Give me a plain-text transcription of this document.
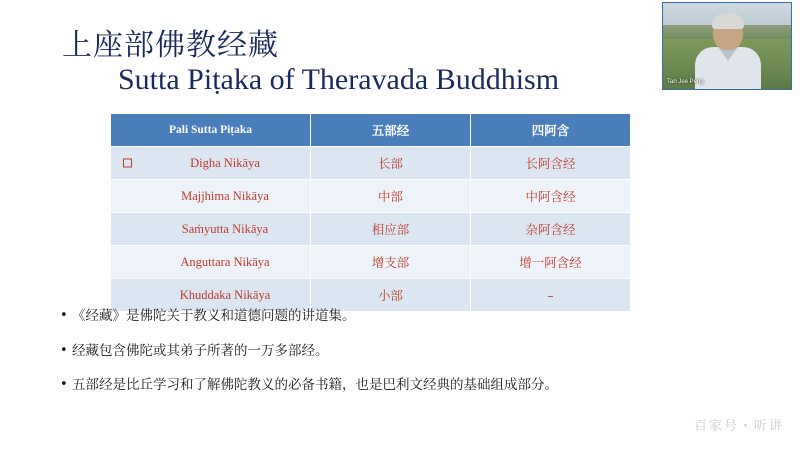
上座部佛教经藏
Sutta Piṭaka of Theravada Buddhism
Pali Sutta Piṭaka	五部经	四阿含

Digha Nikāya	长部	长阿含经
Majjhima Nikāya	中部	中阿含经
Saṁyutta Nikāya	相应部	杂阿含经
Anguttara Nikāya	增支部	增一阿含经
Khuddaka Nikāya	小部	–
• 《经藏》是佛陀关于教义和道德问题的讲道集。
• 经藏包含佛陀或其弟子所著的一万多部经。
• 五部经是比丘学习和了解佛陀教义的必备书籍，也是巴利文经典的基础组成部分。
Tan Jee Peng
百家号・听讲
